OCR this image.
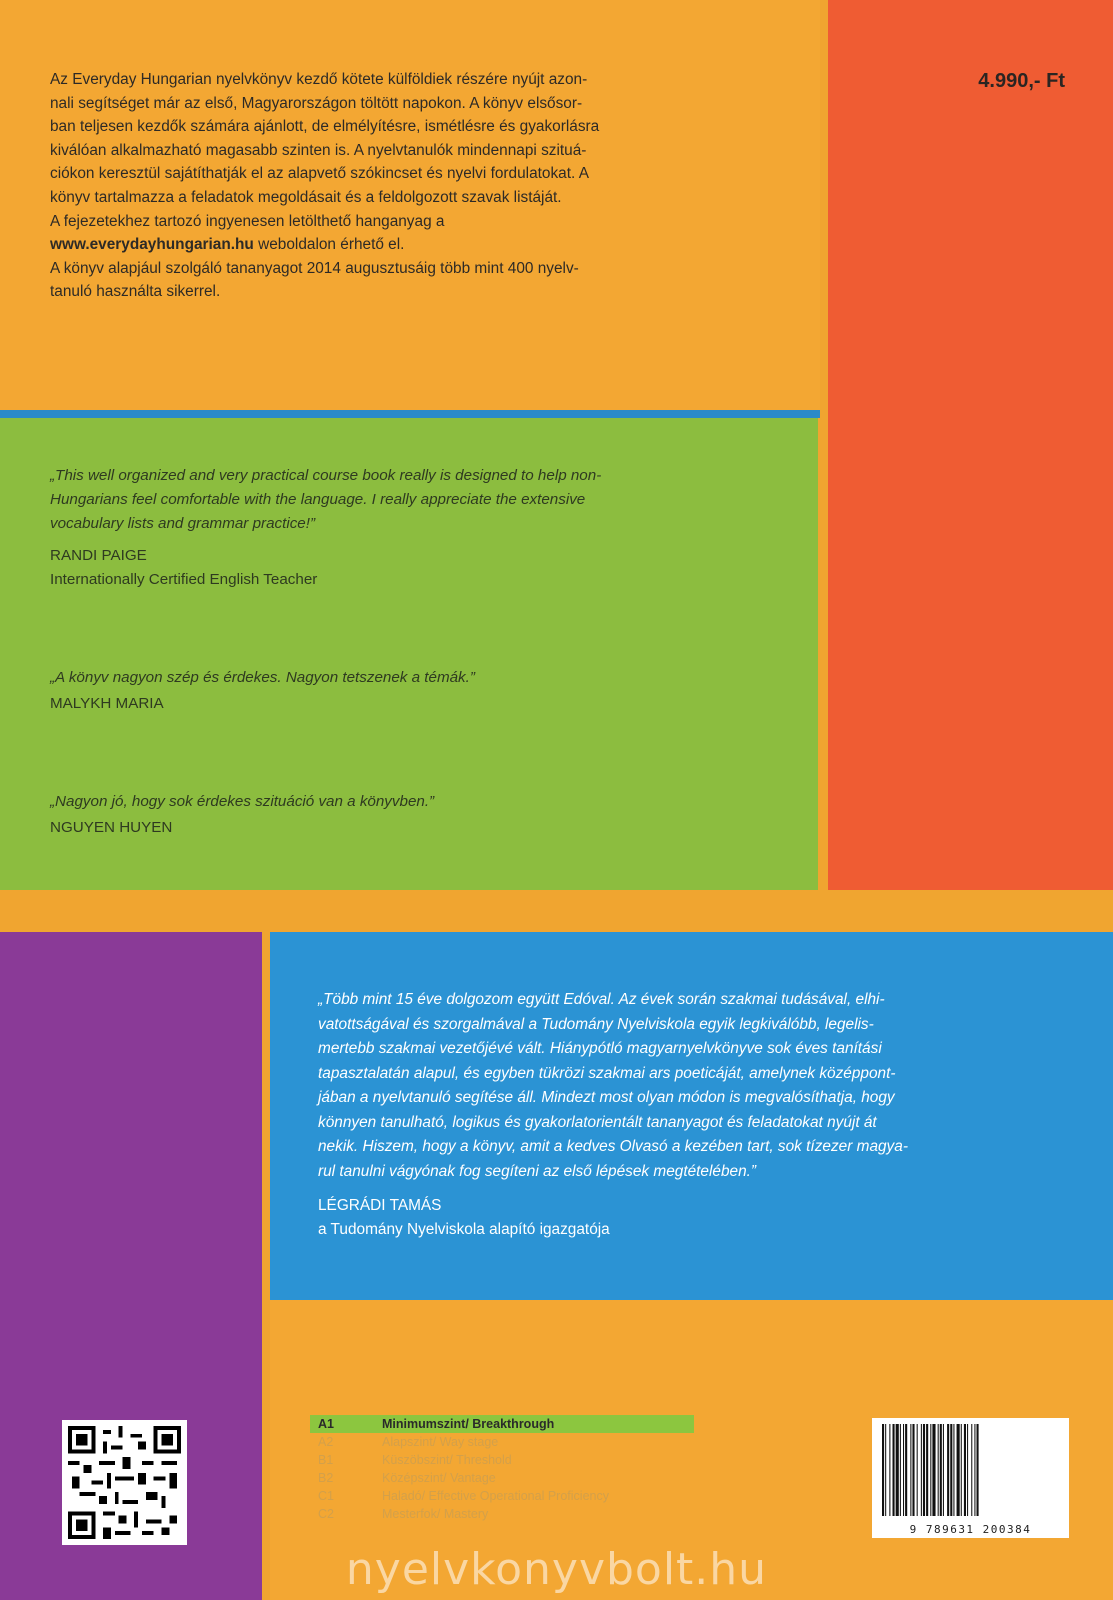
4.990,- Ft
Az Everyday Hungarian nyelvkönyv kezdő kötete külföldiek részére nyújt azon-
nali segítséget már az első, Magyarországon töltött napokon. A könyv elsősor-
ban teljesen kezdők számára ajánlott, de elmélyítésre, ismétlésre és gyakorlásra
kiválóan alkalmazható magasabb szinten is. A nyelvtanulók mindennapi szituá-
ciókon keresztül sajátíthatják el az alapvető szókincset és nyelvi fordulatokat. A
könyv tartalmazza a feladatok megoldásait és a feldolgozott szavak listáját.
A fejezetekhez tartozó ingyenesen letölthető hanganyag a
www.everydayhungarian.hu weboldalon érhető el.
A könyv alapjául szolgáló tananyagot 2014 augusztusáig több mint 400 nyelv-
tanuló használta sikerrel.
„This well organized and very practical course book really is designed to help non-
Hungarians feel comfortable with the language. I really appreciate the extensive
vocabulary lists and grammar practice!”
RANDI PAIGE
Internationally Certified English Teacher
„A könyv nagyon szép és érdekes. Nagyon tetszenek a témák.”
MALYKH MARIA
„Nagyon jó, hogy sok érdekes szituáció van a könyvben.”
NGUYEN HUYEN
„Több mint 15 éve dolgozom együtt Edóval. Az évek során szakmai tudásával, elhi-
vatottságával és szorgalmával a Tudomány Nyelviskola egyik legkiválóbb, legelis-
mertebb szakmai vezetőjévé vált. Hiánypótló magyarnyelvkönyve sok éves tanítási
tapasztalatán alapul, és egyben tükrözi szakmai ars poeticáját, amelynek középpont-
jában a nyelvtanuló segítése áll. Mindezt most olyan módon is megvalósíthatja, hogy
könnyen tanulható, logikus és gyakorlatorientált tananyagot és feladatokat nyújt át
nekik. Hiszem, hogy a könyv, amit a kedves Olvasó a kezében tart, sok tízezer magya-
rul tanulni vágyónak fog segíteni az első lépések megtételében.”
LÉGRÁDI TAMÁS
a Tudomány Nyelviskola alapító igazgatója
A1	Minimumszint/ Breakthrough
A2	Alapszint/ Way stage
B1	Küszöbszint/ Threshold
B2	Középszint/ Vantage
C1	Haladó/ Effective Operational Proficiency
C2	Mesterfok/ Mastery
9 789631 200384
nyelvkonyvbolt.hu
